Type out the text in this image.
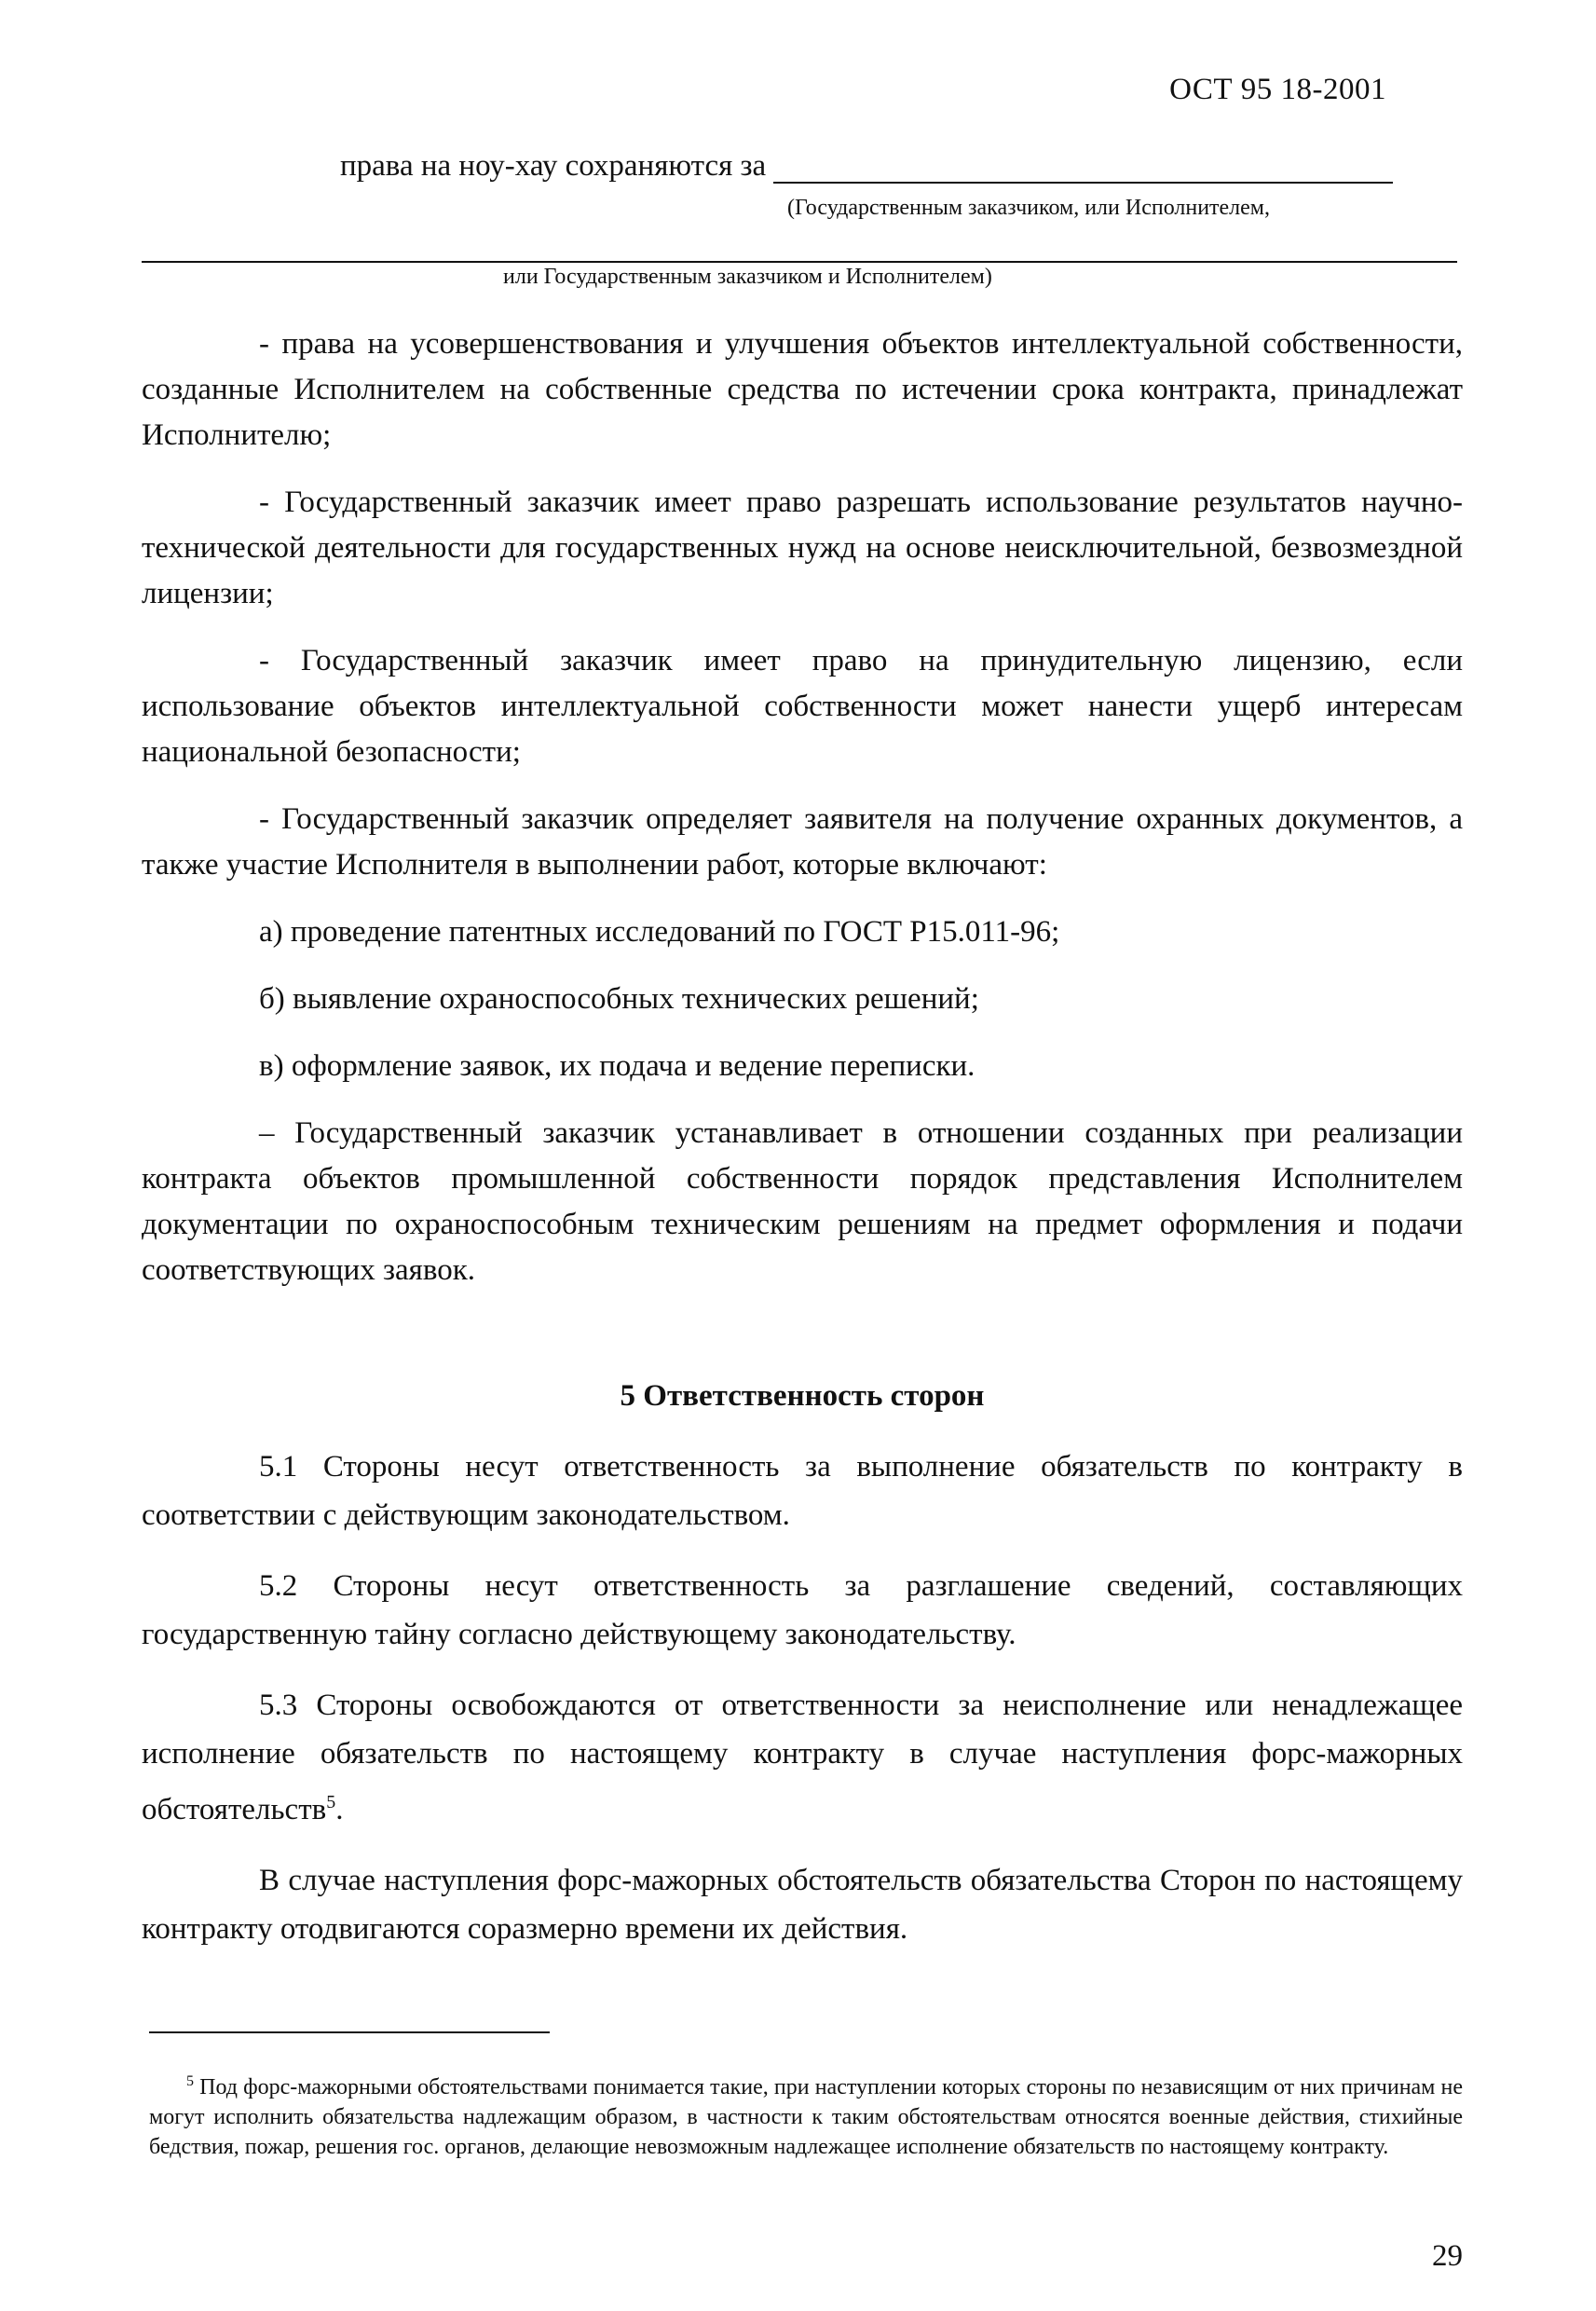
ОСТ 95 18-2001
права на ноу-хау сохраняются за
(Государственным заказчиком, или Исполнителем,
или Государственным заказчиком и Исполнителем)

- права на усовершенствования и улучшения объектов интеллектуальной собственности, созданные Исполнителем на собственные средства по истечении срока контракта, принадлежат Исполнителю;

- Государственный заказчик имеет право разрешать использование результатов научно-технической деятельности для государственных нужд на основе неисключительной, безвозмездной лицензии;

- Государственный заказчик имеет право на принудительную лицензию, если использование объектов интеллектуальной собственности может нанести ущерб интересам национальной безопасности;

- Государственный заказчик определяет заявителя на получение охранных документов, а также участие Исполнителя в выполнении работ, которые включают:

а) проведение патентных исследований по ГОСТ Р15.011-96;

б) выявление охраноспособных технических решений;

в) оформление заявок, их подача и ведение переписки.

– Государственный заказчик устанавливает в отношении созданных при реализации контракта объектов промышленной собственности порядок представления Исполнителем документации по охраноспособным техническим решениям на предмет оформления и подачи соответствующих заявок.

5 Ответственность сторон

5.1 Стороны несут ответственность за выполнение обязательств по контракту в соответствии с действующим законодательством.

5.2 Стороны несут ответственность за разглашение сведений, составляющих государственную тайну согласно действующему законодательству.

5.3 Стороны освобождаются от ответственности за неисполнение или ненадлежащее исполнение обязательств по настоящему контракту в случае наступления форс-мажорных обстоятельств$^5$.

В случае наступления форс-мажорных обстоятельств обязательства Сторон по настоящему контракту отодвигаются соразмерно времени их действия.

$^5$ Под форс-мажорными обстоятельствами понимается такие, при наступлении которых стороны по независящим от них причинам не могут исполнить обязательства надлежащим образом, в частности к таким обстоятельствам относятся военные действия, стихийные бедствия, пожар, решения гос. органов, делающие невозможным надлежащее исполнение обязательств по настоящему контракту.
29
